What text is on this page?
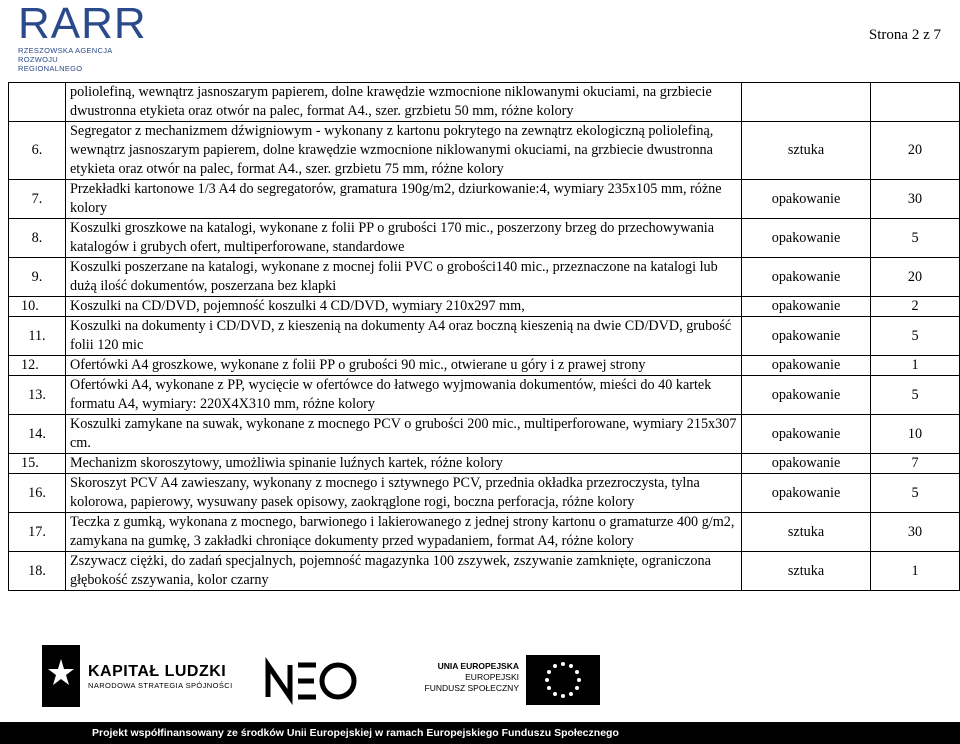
RARR
RZESZOWSKA AGENCJA
ROZWOJU REGIONALNEGO
Strona 2 z 7
	poliolefiną, wewnątrz jasnoszarym papierem, dolne krawędzie wzmocnione niklowanymi okuciami, na grzbiecie dwustronna etykieta oraz otwór na palec, format A4., szer. grzbietu 50 mm, różne kolory		
6.	Segregator z mechanizmem dźwigniowym - wykonany z kartonu pokrytego na zewnątrz ekologiczną poliolefiną, wewnątrz jasnoszarym papierem, dolne krawędzie wzmocnione niklowanymi okuciami, na grzbiecie dwustronna etykieta oraz otwór na palec, format A4., szer. grzbietu 75 mm, różne kolory	sztuka	20
7.	Przekładki kartonowe 1/3 A4 do segregatorów, gramatura 190g/m2, dziurkowanie:4, wymiary 235x105 mm, różne kolory	opakowanie	30
8.	Koszulki groszkowe na katalogi, wykonane z folii PP o grubości 170 mic., poszerzony brzeg do przechowywania katalogów i grubych ofert, multiperforowane, standardowe	opakowanie	5
9.	Koszulki poszerzane na katalogi, wykonane z mocnej folii PVC o grobości140 mic., przeznaczone na katalogi lub dużą ilość dokumentów, poszerzana bez klapki	opakowanie	20
10.	Koszulki na CD/DVD, pojemność koszulki 4 CD/DVD, wymiary 210x297 mm,	opakowanie	2
11.	Koszulki na dokumenty i CD/DVD, z kieszenią na dokumenty A4 oraz boczną kieszenią na dwie CD/DVD, grubość folii 120 mic	opakowanie	5
12.	Ofertówki A4 groszkowe, wykonane z folii PP o grubości 90 mic., otwierane u góry i z prawej strony	opakowanie	1
13.	Ofertówki A4, wykonane z PP, wycięcie w ofertówce do łatwego wyjmowania dokumentów, mieści do 40 kartek formatu A4, wymiary: 220X4X310 mm, różne kolory	opakowanie	5
14.	Koszulki zamykane na suwak, wykonane z mocnego PCV o grubości 200 mic., multiperforowane, wymiary 215x307 cm.	opakowanie	10
15.	Mechanizm skoroszytowy, umożliwia spinanie luźnych kartek, różne kolory	opakowanie	7
16.	Skoroszyt PCV A4 zawieszany, wykonany z mocnego i sztywnego PCV, przednia okładka przezroczysta, tylna kolorowa, papierowy, wysuwany pasek opisowy, zaokrąglone rogi, boczna perforacja, różne kolory	opakowanie	5
17.	Teczka z gumką, wykonana z mocnego, barwionego i lakierowanego z jednej strony kartonu o gramaturze 400 g/m2, zamykana na gumkę, 3 zakładki chroniące dokumenty przed wypadaniem, format A4, różne kolory	sztuka	30
18.	Zszywacz ciężki, do zadań specjalnych, pojemność magazynka 100 zszywek, zszywanie zamknięte, ograniczona głębokość zszywania, kolor czarny	sztuka	1
KAPITAŁ LUDZKI
NARODOWA STRATEGIA SPÓJNOŚCI
UNIA EUROPEJSKA
EUROPEJSKI
FUNDUSZ SPOŁECZNY
Projekt współfinansowany ze środków Unii Europejskiej w ramach Europejskiego Funduszu Społecznego
